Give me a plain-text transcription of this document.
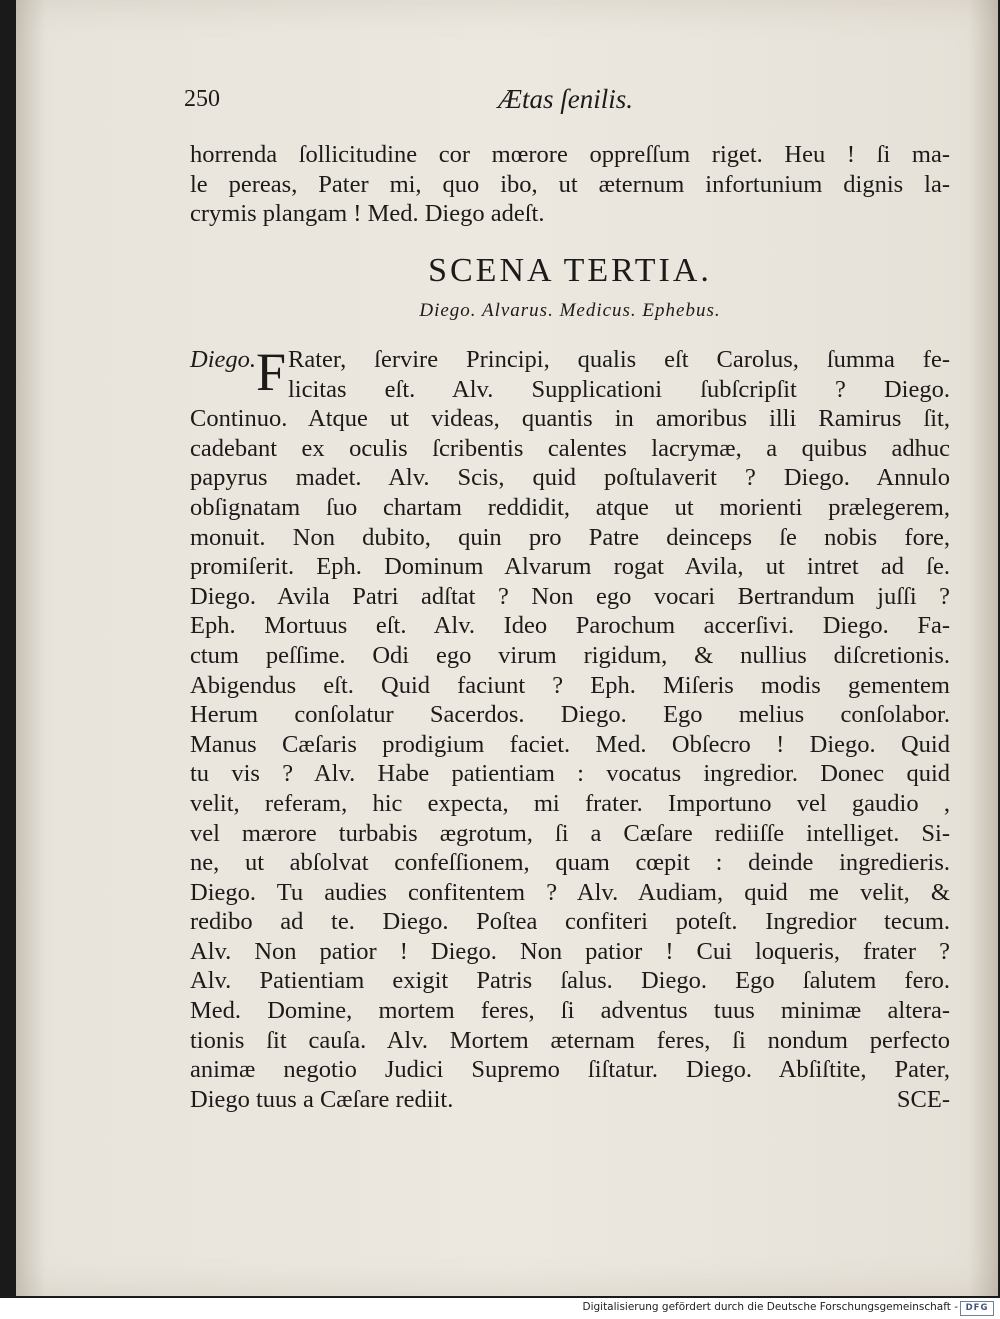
250	Ætas ſenilis.
horrenda ſollicitudine cor mœrore oppreſſum riget. Heu ! ſi ma-
le pereas, Pater mi, quo ibo, ut æternum infortunium dignis la-
crymis plangam ! Med. Diego adeſt.
SCENA TERTIA.
Diego. Alvarus. Medicus. Ephebus.
Diego. F Rater, ſervire Principi, qualis eſt Carolus, ſumma fe-
licitas eſt. Alv. Supplicationi ſubſcripſit ? Diego.
Continuo. Atque ut videas, quantis in amoribus illi Ramirus ſit,
cadebant ex oculis ſcribentis calentes lacrymæ, a quibus adhuc
papyrus madet. Alv. Scis, quid poſtulaverit ? Diego. Annulo
obſignatam ſuo chartam reddidit, atque ut morienti prælegerem,
monuit. Non dubito, quin pro Patre deinceps ſe nobis fore,
promiſerit. Eph. Dominum Alvarum rogat Avila, ut intret ad ſe.
Diego. Avila Patri adſtat ? Non ego vocari Bertrandum juſſi ?
Eph. Mortuus eſt. Alv. Ideo Parochum accerſivi. Diego. Fa-
ctum peſſime. Odi ego virum rigidum, & nullius diſcretionis.
Abigendus eſt. Quid faciunt ? Eph. Miſeris modis gementem
Herum conſolatur Sacerdos. Diego. Ego melius conſolabor.
Manus Cæſaris prodigium faciet. Med. Obſecro ! Diego. Quid
tu vis ? Alv. Habe patientiam : vocatus ingredior. Donec quid
velit, referam, hic expecta, mi frater. Importuno vel gaudio ,
vel mærore turbabis ægrotum, ſi a Cæſare rediiſſe intelliget. Si-
ne, ut abſolvat confeſſionem, quam cœpit : deinde ingredieris.
Diego. Tu audies confitentem ? Alv. Audiam, quid me velit, &
redibo ad te. Diego. Poſtea confiteri poteſt. Ingredior tecum.
Alv. Non patior ! Diego. Non patior ! Cui loqueris, frater ?
Alv. Patientiam exigit Patris ſalus. Diego. Ego ſalutem fero.
Med. Domine, mortem feres, ſi adventus tuus minimæ altera-
tionis ſit cauſa. Alv. Mortem æternam feres, ſi nondum perfecto
animæ negotio Judici Supremo ſiſtatur. Diego. Abſiſtite, Pater,
Diego tuus a Cæſare rediit.	SCE-
Digitalisierung gefördert durch die Deutsche Forschungsgemeinschaft - DFG
